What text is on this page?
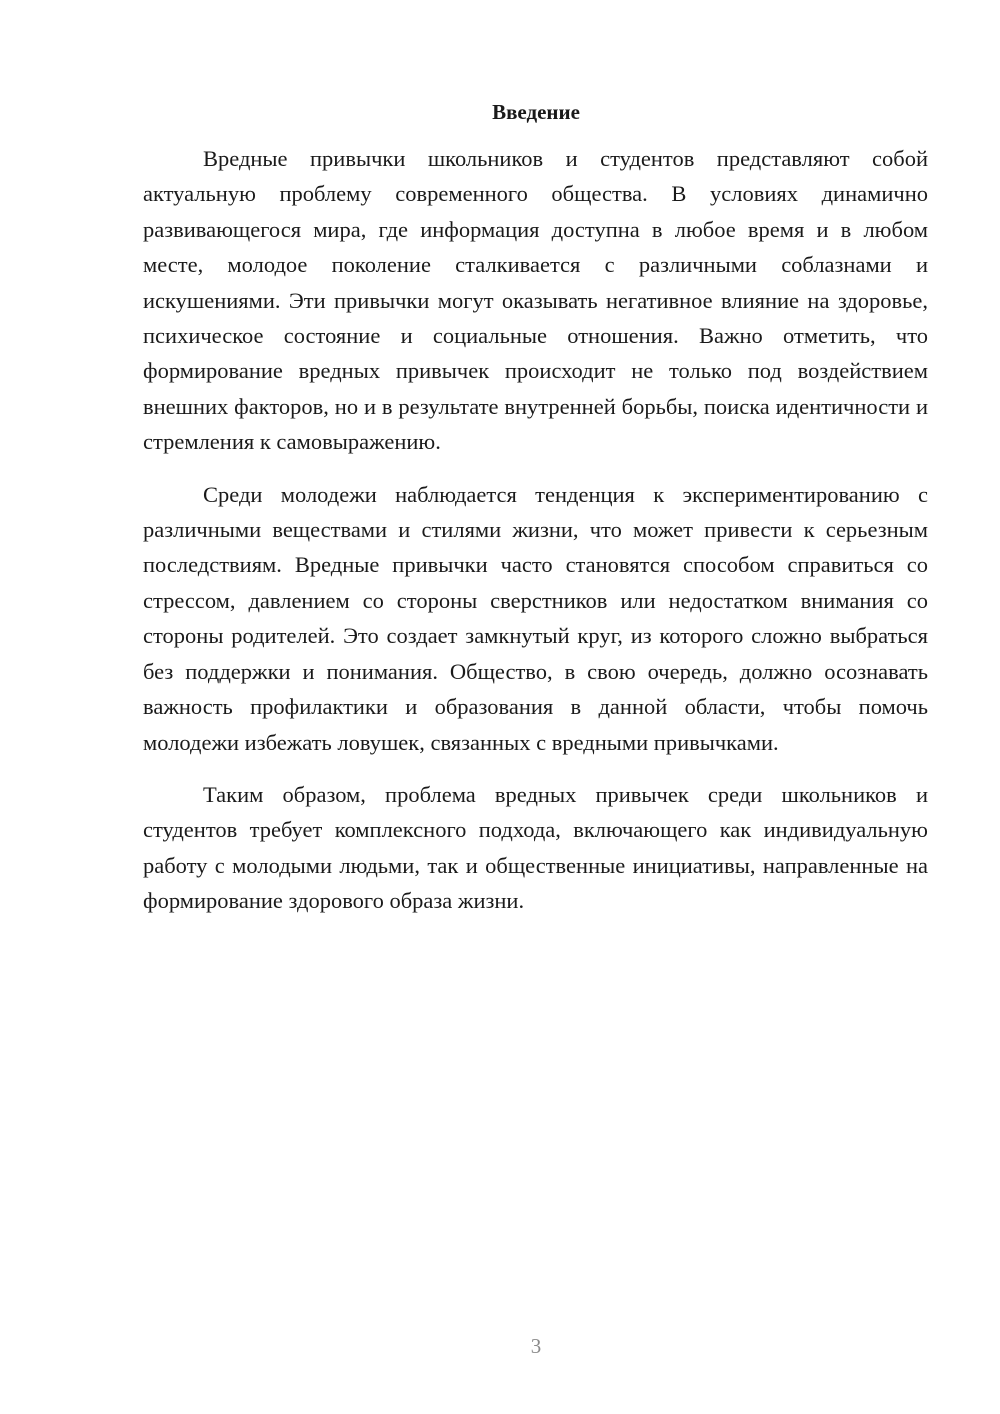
Введение

Вредные привычки школьников и студентов представляют собой актуальную проблему современного общества. В условиях динамично развивающегося мира, где информация доступна в любое время и в любом месте, молодое поколение сталкивается с различными соблазнами и искушениями. Эти привычки могут оказывать негативное влияние на здоровье, психическое состояние и социальные отношения. Важно отметить, что формирование вредных привычек происходит не только под воздействием внешних факторов, но и в результате внутренней борьбы, поиска идентичности и стремления к самовыражению.

Среди молодежи наблюдается тенденция к экспериментированию с различными веществами и стилями жизни, что может привести к серьезным последствиям. Вредные привычки часто становятся способом справиться со стрессом, давлением со стороны сверстников или недостатком внимания со стороны родителей. Это создает замкнутый круг, из которого сложно выбраться без поддержки и понимания. Общество, в свою очередь, должно осознавать важность профилактики и образования в данной области, чтобы помочь молодежи избежать ловушек, связанных с вредными привычками.

Таким образом, проблема вредных привычек среди школьников и студентов требует комплексного подхода, включающего как индивидуальную работу с молодыми людьми, так и общественные инициативы, направленные на формирование здорового образа жизни.

3
